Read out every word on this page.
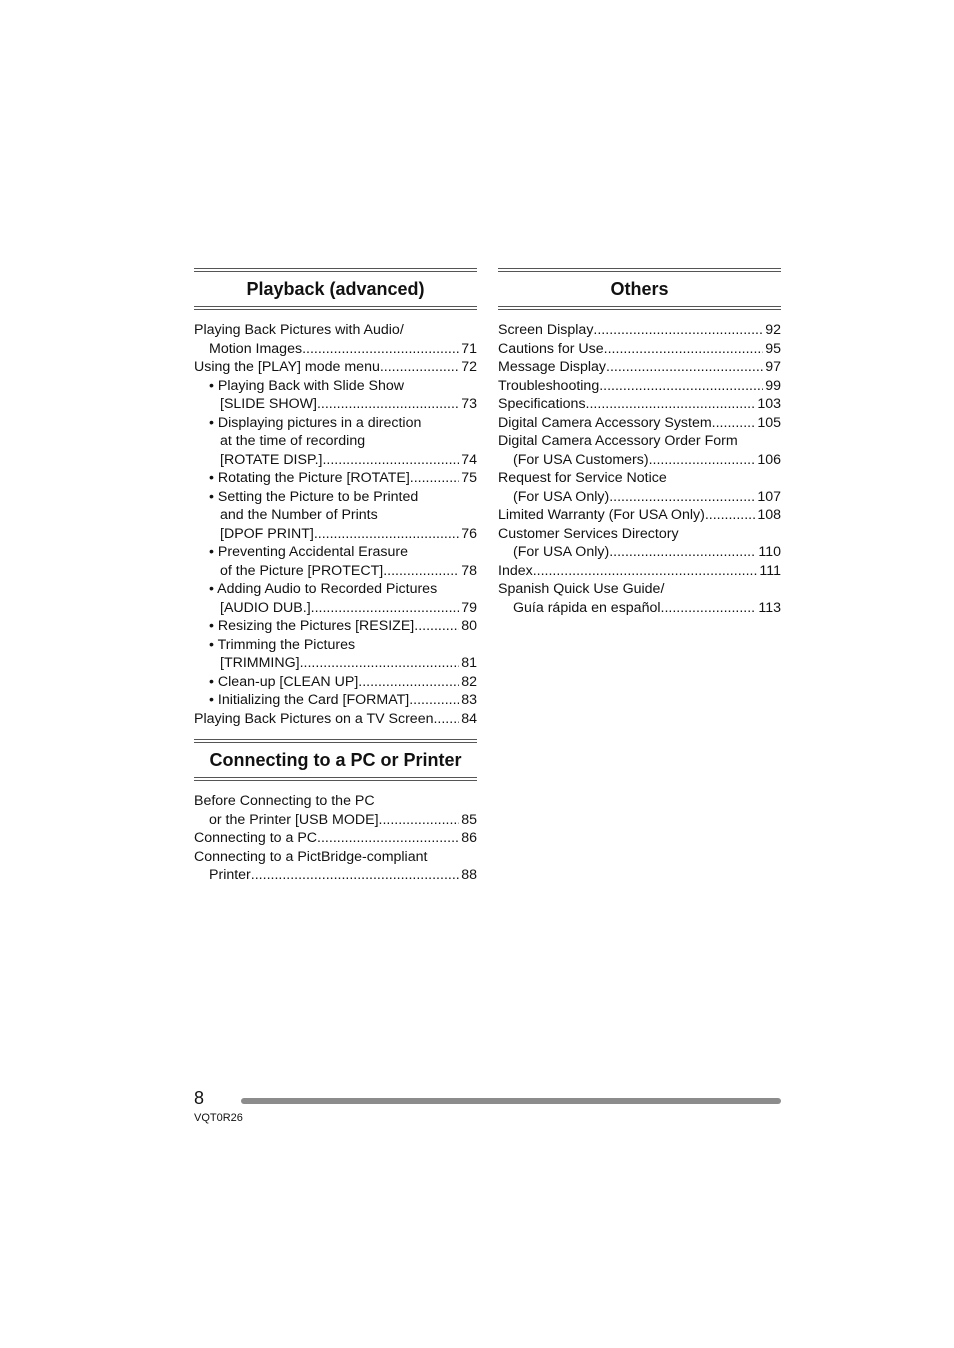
Playback (advanced)
Playing Back Pictures with Audio/
Motion Images .....	71
Using the [PLAY] mode menu .....	72
• Playing Back with Slide Show
[SLIDE SHOW] .....	73
• Displaying pictures in a direction
at the time of recording
[ROTATE DISP.] .....	74
• Rotating the Picture [ROTATE] .....	75
• Setting the Picture to be Printed
and the Number of Prints
[DPOF PRINT] .....	76
• Preventing Accidental Erasure
of the Picture [PROTECT] .....	78
• Adding Audio to Recorded Pictures
[AUDIO DUB.] .....	79
• Resizing the Pictures [RESIZE] .....	80
• Trimming the Pictures
[TRIMMING] .....	81
• Clean-up [CLEAN UP] .....	82
• Initializing the Card [FORMAT] .....	83
Playing Back Pictures on a TV Screen ..... 84
Connecting to a PC or Printer
Before Connecting to the PC
or the Printer [USB MODE] .....	85
Connecting to a PC .....	86
Connecting to a PictBridge-compliant
Printer .....	88
Others
Screen Display .....	92
Cautions for Use .....	95
Message Display .....	97
Troubleshooting .....	99
Specifications .....	103
Digital Camera Accessory System .....	105
Digital Camera Accessory Order Form
(For USA Customers) .....	106
Request for Service Notice
(For USA Only) .....	107
Limited Warranty (For USA Only) .....	108
Customer Services Directory
(For USA Only) .....	110
Index .....	111
Spanish Quick Use Guide/
Guía rápida en español .....	113
8
VQT0R26
